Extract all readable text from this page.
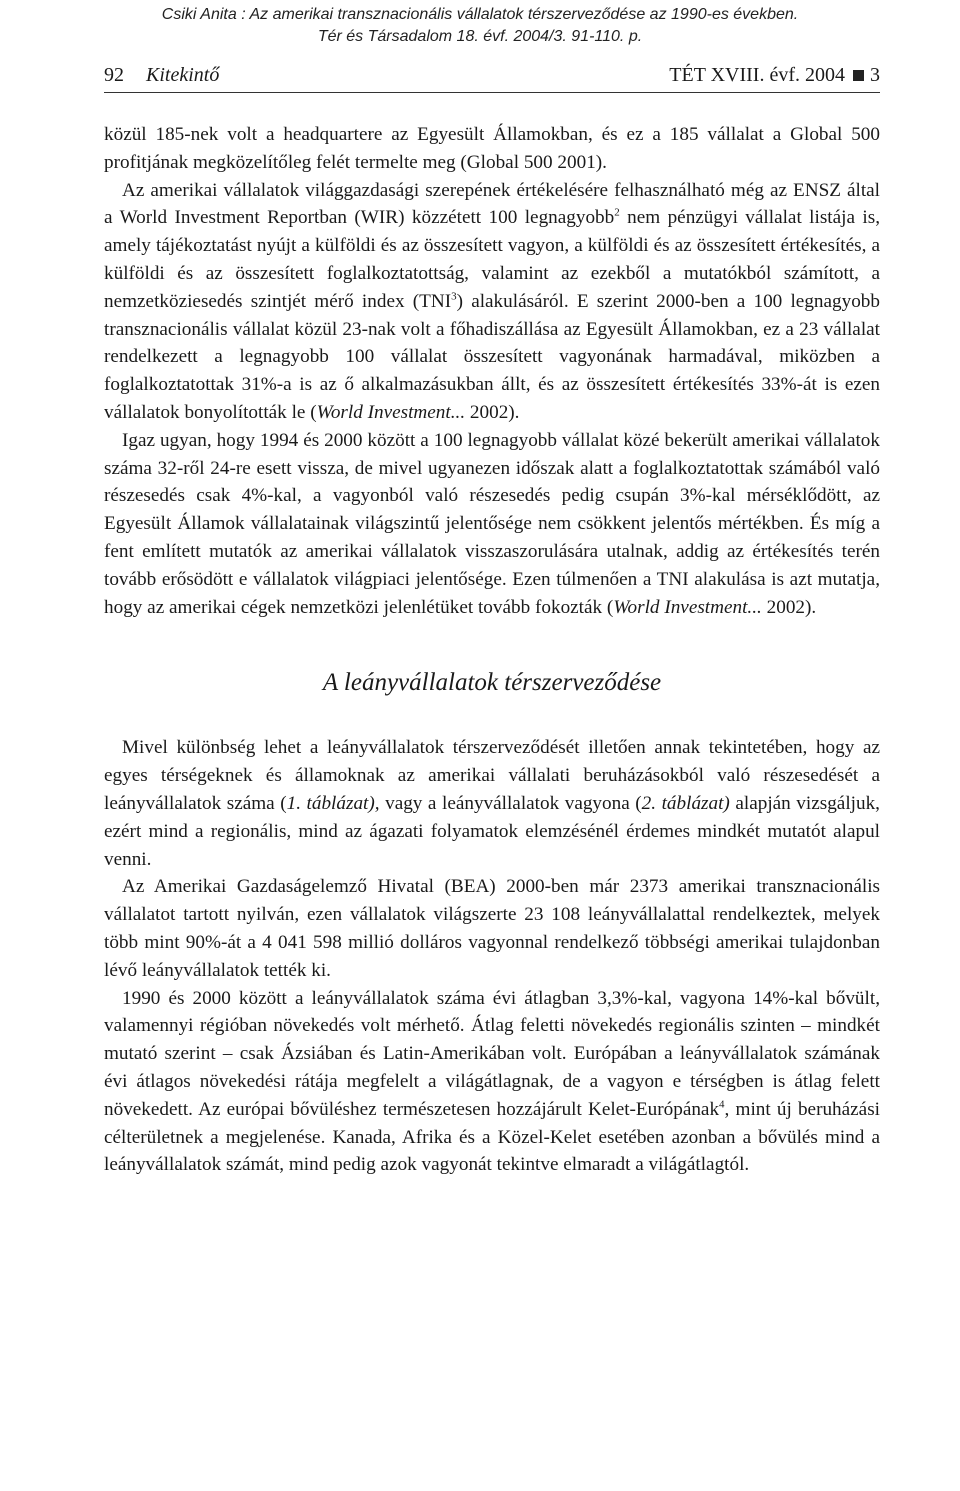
Csiki Anita : Az amerikai transznacionális vállalatok térszerveződése az 1990-es években.
Tér és Társadalom 18. évf. 2004/3. 91-110. p.
92 Kitekintő	TÉT XVIII. évf. 2004 3

közül 185-nek volt a headquartere az Egyesült Államokban, és ez a 185 vállalat a Global 500 profitjának megközelítőleg felét termelte meg (Global 500 2001).

Az amerikai vállalatok világgazdasági szerepének értékelésére felhasználható még az ENSZ által a World Investment Reportban (WIR) közzétett 100 legnagyobb$^2$ nem pénzügyi vállalat listája is, amely tájékoztatást nyújt a külföldi és az összesített vagyon, a külföldi és az összesített értékesítés, a külföldi és az összesített foglalkoztatottság, valamint az ezekből a mutatókból számított, a nemzetköziesedés szintjét mérő index (TNI$^3$) alakulásáról. E szerint 2000-ben a 100 legnagyobb transznacionális vállalat közül 23-nak volt a főhadiszállása az Egyesült Államokban, ez a 23 vállalat rendelkezett a legnagyobb 100 vállalat összesített vagyonának harmadával, miközben a foglalkoztatottak 31%-a is az ő alkalmazásukban állt, és az összesített értékesítés 33%-át is ezen vállalatok bonyolították le (World Investment... 2002).

Igaz ugyan, hogy 1994 és 2000 között a 100 legnagyobb vállalat közé bekerült amerikai vállalatok száma 32-ről 24-re esett vissza, de mivel ugyanezen időszak alatt a foglalkoztatottak számából való részesedés csak 4%-kal, a vagyonból való részesedés pedig csupán 3%-kal mérséklődött, az Egyesült Államok vállalatainak világszintű jelentősége nem csökkent jelentős mértékben. És míg a fent említett mutatók az amerikai vállalatok visszaszorulására utalnak, addig az értékesítés terén tovább erősödött e vállalatok világpiaci jelentősége. Ezen túlmenően a TNI alakulása is azt mutatja, hogy az amerikai cégek nemzetközi jelenlétüket tovább fokozták (World Investment... 2002).

A leányvállalatok térszerveződése

Mivel különbség lehet a leányvállalatok térszerveződését illetően annak tekintetében, hogy az egyes térségeknek és államoknak az amerikai vállalati beruházásokból való részesedését a leányvállalatok száma (1. táblázat), vagy a leányvállalatok vagyona (2. táblázat) alapján vizsgáljuk, ezért mind a regionális, mind az ágazati folyamatok elemzésénél érdemes mindkét mutatót alapul venni.

Az Amerikai Gazdaságelemző Hivatal (BEA) 2000-ben már 2373 amerikai transznacionális vállalatot tartott nyilván, ezen vállalatok világszerte 23 108 leányvállalattal rendelkeztek, melyek több mint 90%-át a 4 041 598 millió dolláros vagyonnal rendelkező többségi amerikai tulajdonban lévő leányvállalatok tették ki.

1990 és 2000 között a leányvállalatok száma évi átlagban 3,3%-kal, vagyona 14%-kal bővült, valamennyi régióban növekedés volt mérhető. Átlag feletti növekedés regionális szinten – mindkét mutató szerint – csak Ázsiában és Latin-Amerikában volt. Európában a leányvállalatok számának évi átlagos növekedési rátája megfelelt a világátlagnak, de a vagyon e térségben is átlag felett növekedett. Az európai bővüléshez természetesen hozzájárult Kelet-Európának$^4$, mint új beruházási célterületnek a megjelenése. Kanada, Afrika és a Közel-Kelet esetében azonban a bővülés mind a leányvállalatok számát, mind pedig azok vagyonát tekintve elmaradt a világátlagtól.
